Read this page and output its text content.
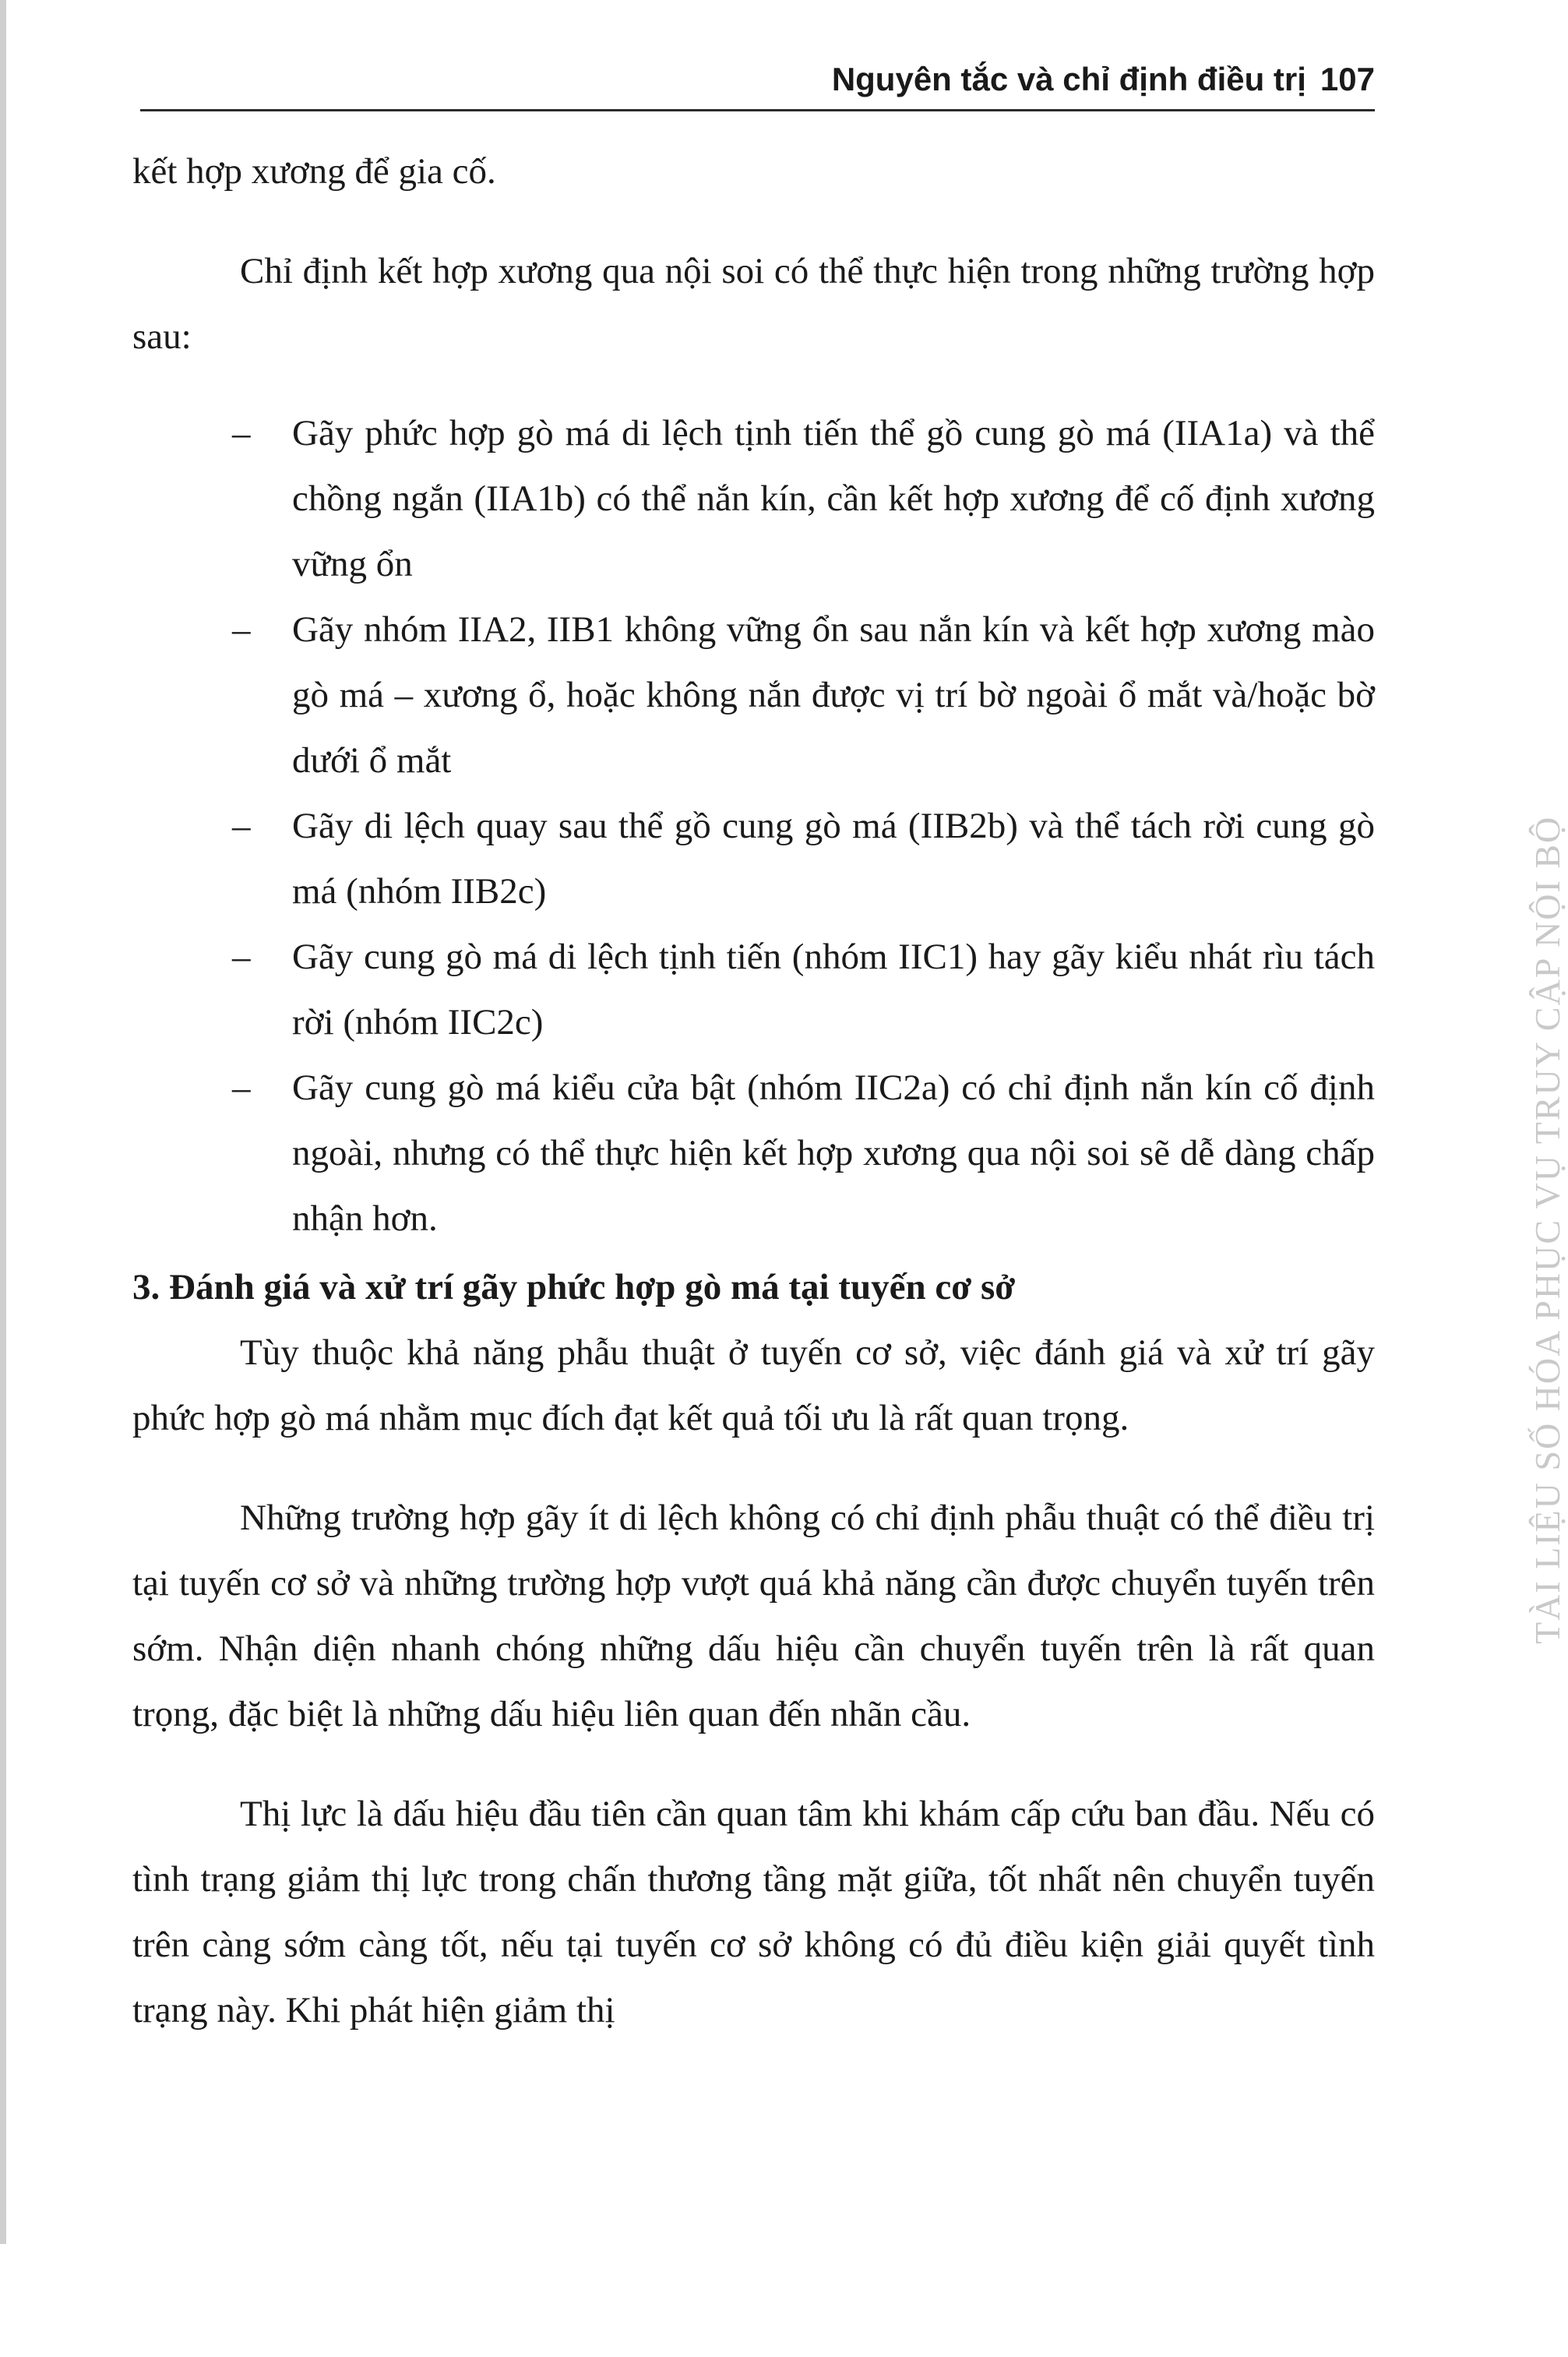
Nguyên tắc và chỉ định điều trị 107

kết hợp xương để gia cố.

Chỉ định kết hợp xương qua nội soi có thể thực hiện trong những trường hợp sau:

– Gãy phức hợp gò má di lệch tịnh tiến thể gồ cung gò má (IIA1a) và thể chồng ngắn (IIA1b) có thể nắn kín, cần kết hợp xương để cố định xương vững ổn
– Gãy nhóm IIA2, IIB1 không vững ổn sau nắn kín và kết hợp xương mào gò má – xương ổ, hoặc không nắn được vị trí bờ ngoài ổ mắt và/hoặc bờ dưới ổ mắt
– Gãy di lệch quay sau thể gồ cung gò má (IIB2b) và thể tách rời cung gò má (nhóm IIB2c)
– Gãy cung gò má di lệch tịnh tiến (nhóm IIC1) hay gãy kiểu nhát rìu tách rời (nhóm IIC2c)
– Gãy cung gò má kiểu cửa bật (nhóm IIC2a) có chỉ định nắn kín cố định ngoài, nhưng có thể thực hiện kết hợp xương qua nội soi sẽ dễ dàng chấp nhận hơn.
3. Đánh giá và xử trí gãy phức hợp gò má tại tuyến cơ sở

Tùy thuộc khả năng phẫu thuật ở tuyến cơ sở, việc đánh giá và xử trí gãy phức hợp gò má nhằm mục đích đạt kết quả tối ưu là rất quan trọng.

Những trường hợp gãy ít di lệch không có chỉ định phẫu thuật có thể điều trị tại tuyến cơ sở và những trường hợp vượt quá khả năng cần được chuyển tuyến trên sớm. Nhận diện nhanh chóng những dấu hiệu cần chuyển tuyến trên là rất quan trọng, đặc biệt là những dấu hiệu liên quan đến nhãn cầu.

Thị lực là dấu hiệu đầu tiên cần quan tâm khi khám cấp cứu ban đầu. Nếu có tình trạng giảm thị lực trong chấn thương tầng mặt giữa, tốt nhất nên chuyển tuyến trên càng sớm càng tốt, nếu tại tuyến cơ sở không có đủ điều kiện giải quyết tình trạng này. Khi phát hiện giảm thị

TÀI LIỆU SỐ HÓA PHỤC VỤ TRUY CẬP NỘI BỘ
